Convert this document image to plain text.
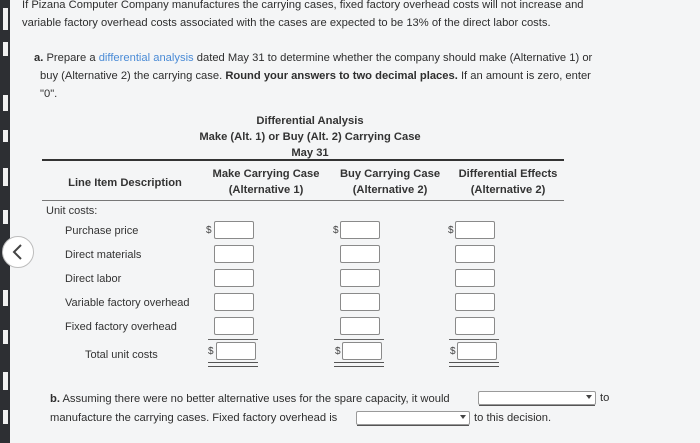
If Pizana Computer Company manufactures the carrying cases, fixed factory overhead costs will not increase and
variable factory overhead costs associated with the cases are expected to be 13% of the direct labor costs.
a. Prepare a differential analysis dated May 31 to determine whether the company should make (Alternative 1) or
buy (Alternative 2) the carrying case. Round your answers to two decimal places. If an amount is zero, enter
"0".
Differential Analysis
Make (Alt. 1) or Buy (Alt. 2) Carrying Case
May 31
Line Item Description
Make Carrying Case
(Alternative 1)
Buy Carrying Case
(Alternative 2)
Differential Effects
(Alternative 2)
Unit costs:
Purchase price
Direct materials
Direct labor
Variable factory overhead
Fixed factory overhead
Total unit costs
$
$
$
$
$
$
b. Assuming there were no better alternative uses for the spare capacity, it would	to
manufacture the carrying cases. Fixed factory overhead is	to this decision.
